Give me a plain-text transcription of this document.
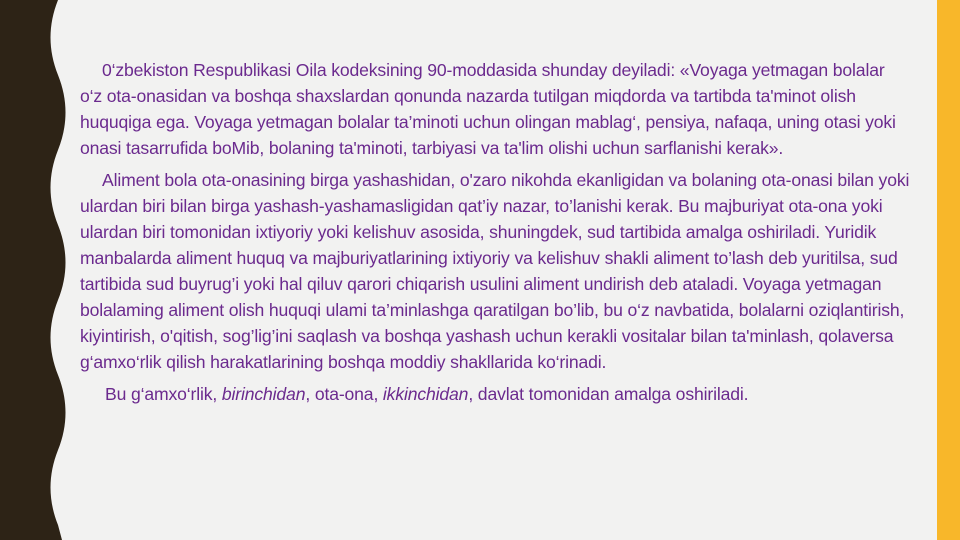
0‘zbekiston Respublikasi Oila kodeksining 90-moddasida shunday deyiladi: «Voyaga yetmagan bolalar o‘z ota-onasidan va boshqa shaxslardan qonunda nazarda tutilgan miqdorda va tartibda ta'minot olish huquqiga ega. Voyaga yetmagan bolalar ta’minoti uchun olingan mablag‘, pensiya, nafaqa, uning otasi yoki onasi tasarrufida boMib, bolaning ta'minoti, tarbiyasi va ta'lim olishi uchun sarflanishi kerak».

Aliment bola ota-onasining birga yashashidan, o'zaro nikohda ekanligidan va bolaning ota-onasi bilan yoki ulardan biri bilan birga yashash-yashamasligidan qat’iy nazar, to’lanishi kerak. Bu majburiyat ota-ona yoki ulardan biri tomonidan ixtiyoriy yoki kelishuv asosida, shuningdek, sud tartibida amalga oshiriladi. Yuridik manbalarda aliment huquq va majburiyatlarining ixtiyoriy va kelishuv shakli aliment to’lash deb yuritilsa, sud tartibida sud buyrug’i yoki hal qiluv qarori chiqarish usulini aliment undirish deb ataladi. Voyaga yetmagan bolalaming aliment olish huquqi ulami ta’minlashga qaratilgan bo’lib, bu o‘z navbatida, bolalarni oziqlantirish, kiyintirish, o'qitish, sog’lig’ini saqlash va boshqa yashash uchun kerakli vositalar bilan ta'minlash, qolaversa g‘amxo‘rlik qilish harakatlarining boshqa moddiy shakllarida ko‘rinadi.

Bu g‘amxo‘rlik, birinchidan, ota-ona, ikkinchidan, davlat tomonidan amalga oshiriladi.
